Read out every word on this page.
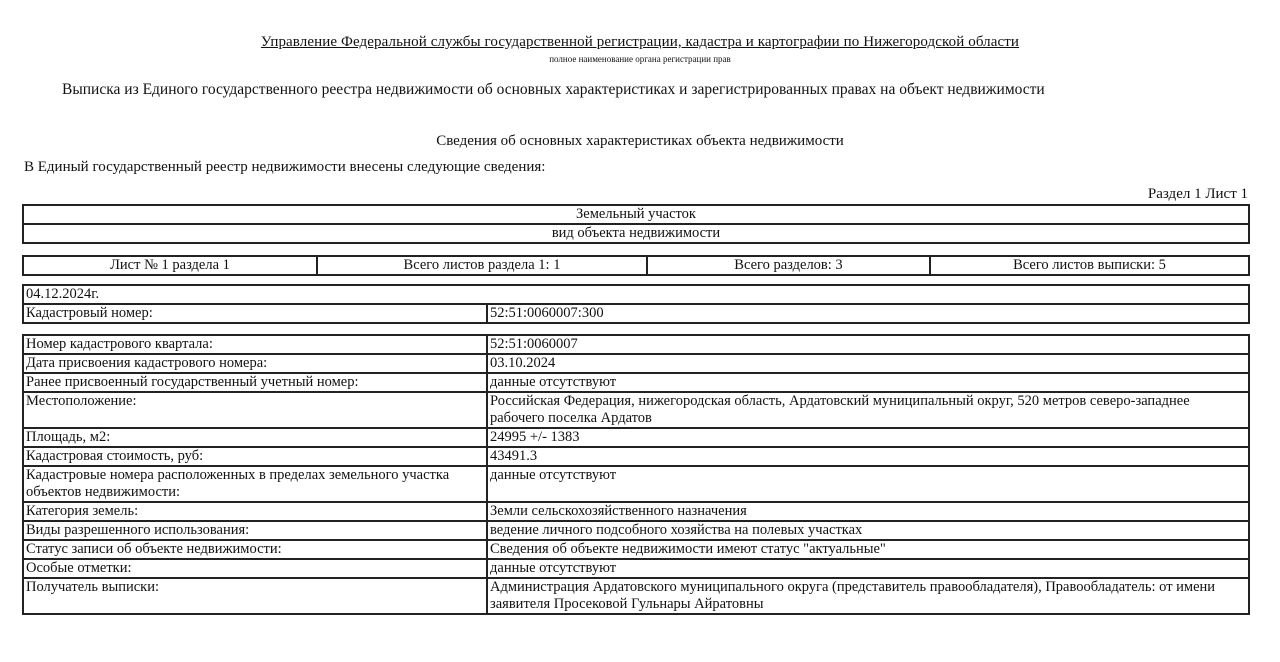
Управление Федеральной службы государственной регистрации, кадастра и картографии по Нижегородской области
полное наименование органа регистрации прав
Выписка из Единого государственного реестра недвижимости об основных характеристиках и зарегистрированных правах на объект недвижимости
Сведения об основных характеристиках объекта недвижимости
В Единый государственный реестр недвижимости внесены следующие сведения:
Раздел 1 Лист 1
Земельный участок
вид объекта недвижимости
Лист № 1 раздела 1	Всего листов раздела 1: 1	Всего разделов: 3	Всего листов выписки: 5
04.12.2024г.
Кадастровый номер:	52:51:0060007:300
Номер кадастрового квартала:	52:51:0060007
Дата присвоения кадастрового номера:	03.10.2024
Ранее присвоенный государственный учетный номер:	данные отсутствуют
Местоположение:	Российская Федерация, нижегородская область, Ардатовский муниципальный округ, 520 метров северо-западнее рабочего поселка Ардатов
Площадь, м2:	24995 +/- 1383
Кадастровая стоимость, руб:	43491.3
Кадастровые номера расположенных в пределах земельного участка объектов недвижимости:	данные отсутствуют
Категория земель:	Земли сельскохозяйственного назначения
Виды разрешенного использования:	ведение личного подсобного хозяйства на полевых участках
Статус записи об объекте недвижимости:	Сведения об объекте недвижимости имеют статус "актуальные"
Особые отметки:	данные отсутствуют
Получатель выписки:	Администрация Ардатовского муниципального округа (представитель правообладателя), Правообладатель: от имени заявителя Просековой Гульнары Айратовны
